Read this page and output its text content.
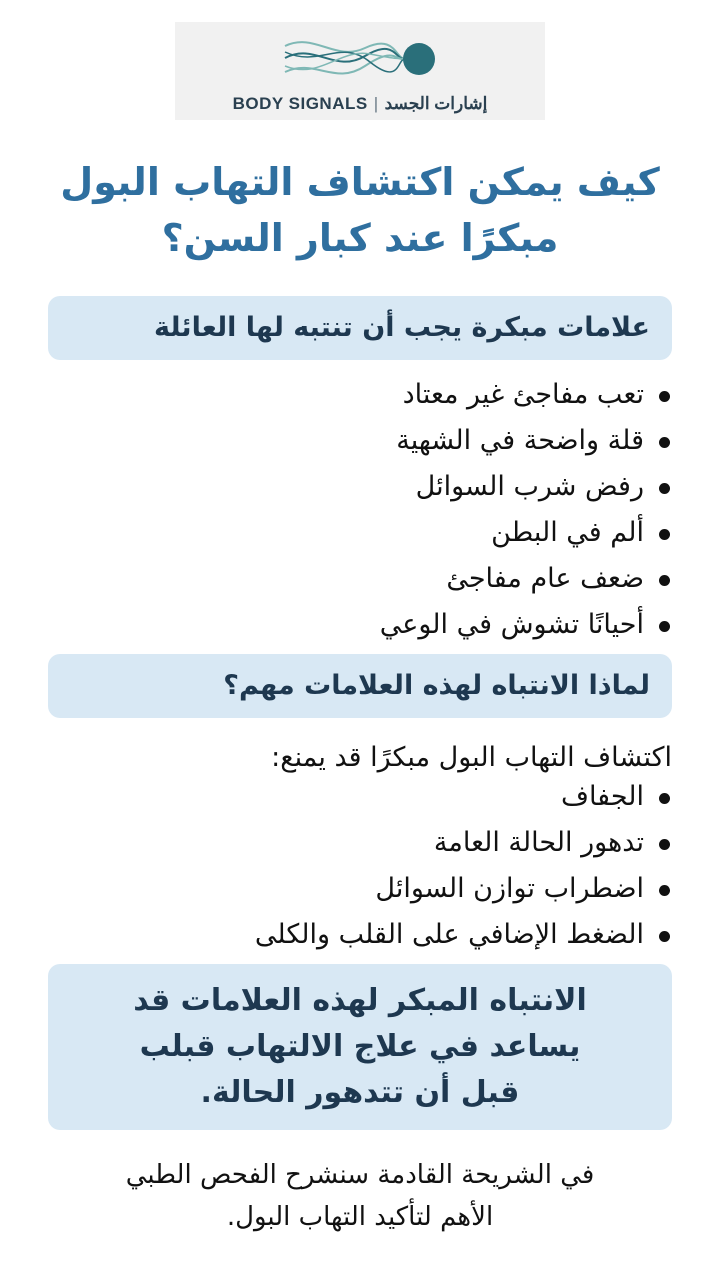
BODY SIGNALS | إشارات الجسد
كيف يمكن اكتشاف التهاب البول
مبكرًا عند كبار السن؟
علامات مبكرة يجب أن تنتبه لها العائلة
تعب مفاجئ غير معتاد
قلة واضحة في الشهية
رفض شرب السوائل
ألم في البطن
ضعف عام مفاجئ
أحيانًا تشوش في الوعي
لماذا الانتباه لهذه العلامات مهم؟
اكتشاف التهاب البول مبكرًا قد يمنع:
الجفاف
تدهور الحالة العامة
اضطراب توازن السوائل
الضغط الإضافي على القلب والكلى
الانتباه المبكر لهذه العلامات قد
يساعد في علاج الالتهاب قبلب
قبل أن تتدهور الحالة.
في الشريحة القادمة سنشرح الفحص الطبي
الأهم لتأكيد التهاب البول.
